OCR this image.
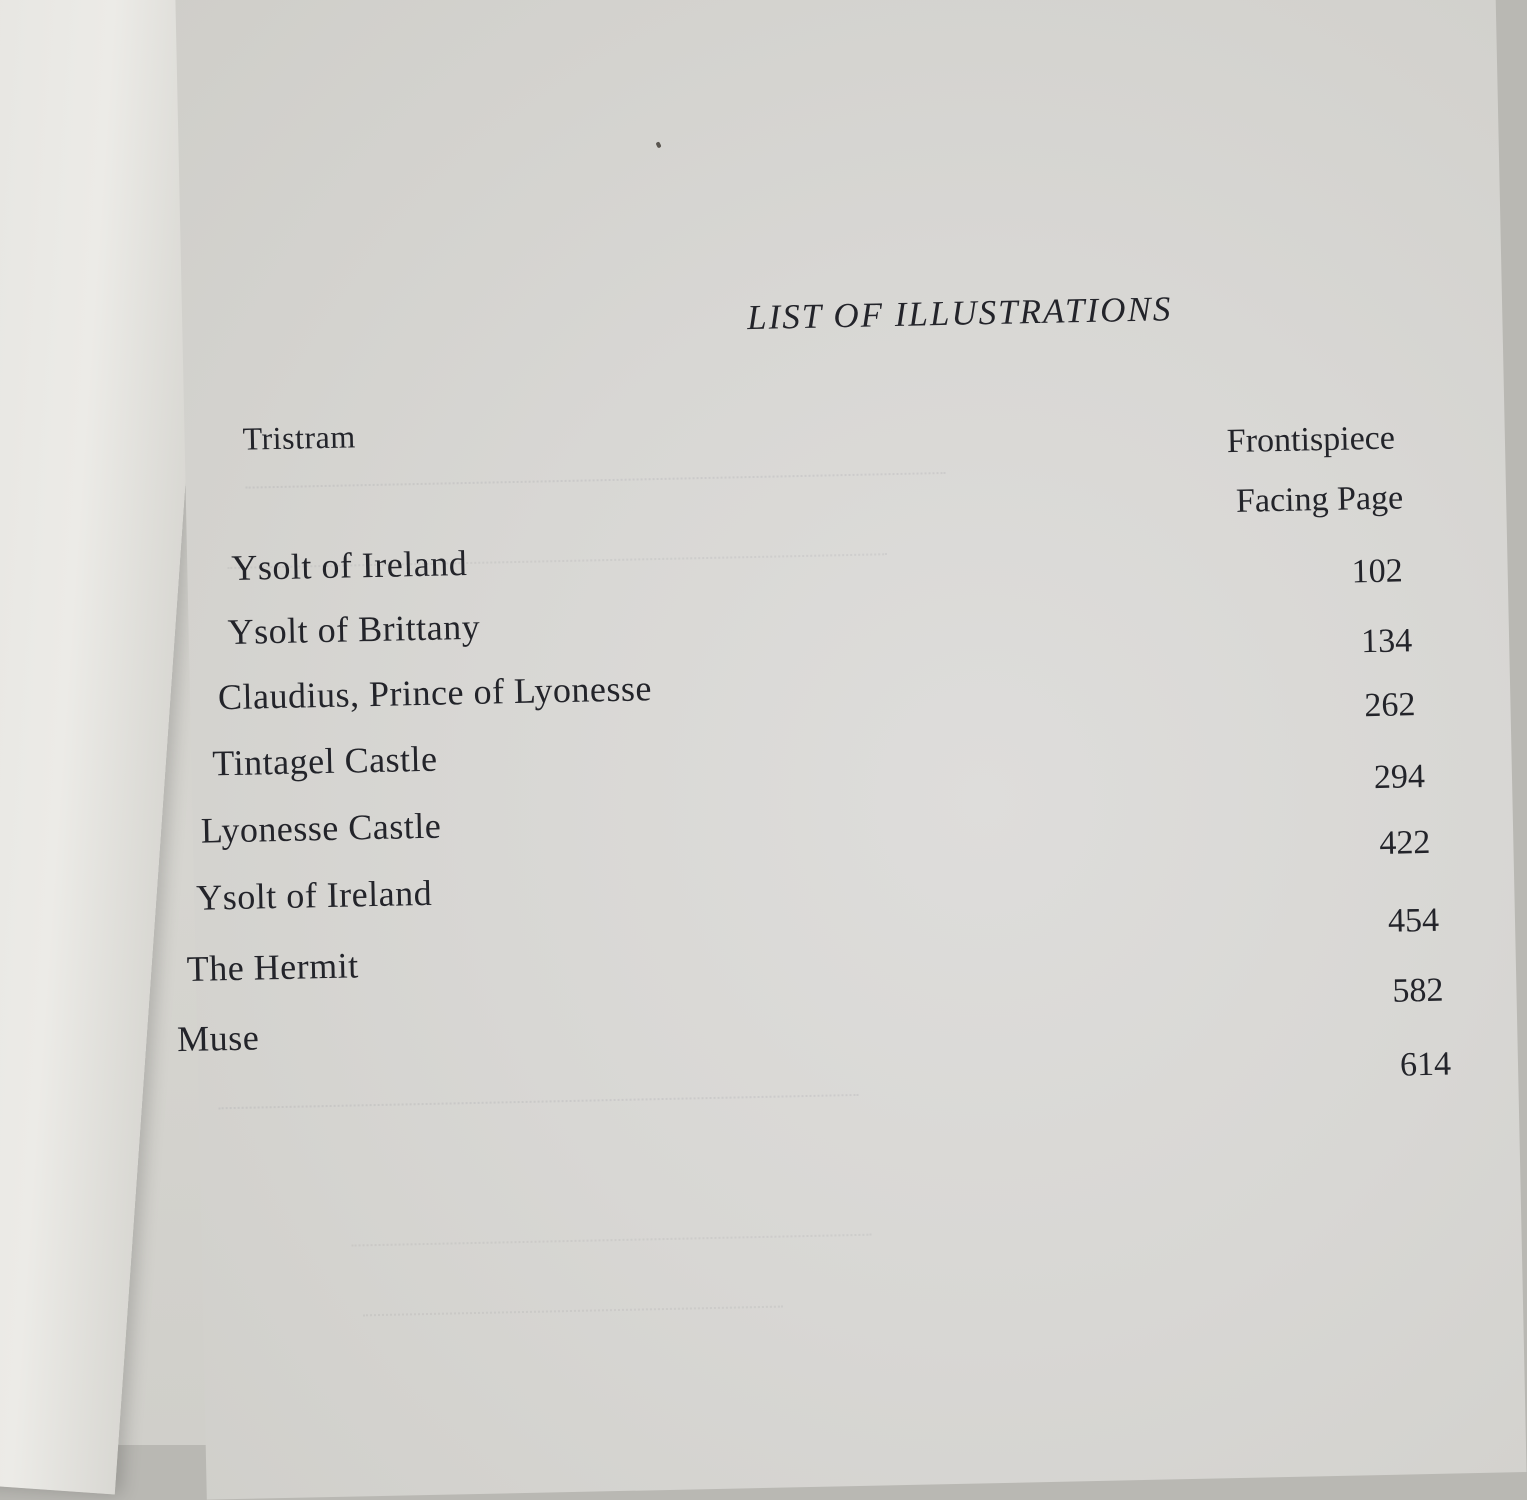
LIST OF ILLUSTRATIONS
Frontispiece
Facing Page
Tristram
Ysolt of Ireland
Ysolt of Brittany
Claudius, Prince of Lyonesse
Tintagel Castle
Lyonesse Castle
Ysolt of Ireland
The Hermit
Muse
102
134
262
294
422
454
582
614
